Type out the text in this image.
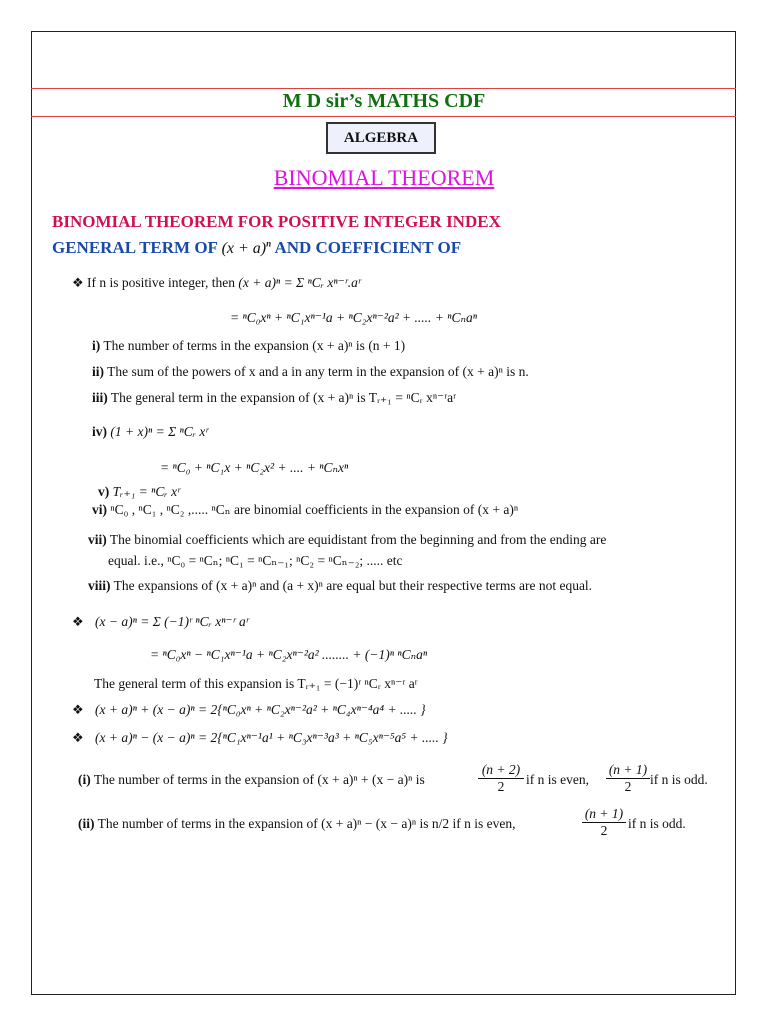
M D sir’s MATHS CDF
ALGEBRA
BINOMIAL THEOREM
BINOMIAL THEOREM FOR POSITIVE INTEGER INDEX
GENERAL TERM OF $(x + a)^n$ AND COEFFICIENT OF
❖ If n is positive integer, then (x + a)ⁿ = Σ ⁿCᵣ xⁿ⁻ʳ.aʳ
= ⁿC₀xⁿ + ⁿC₁xⁿ⁻¹a + ⁿC₂xⁿ⁻²a² + ..... + ⁿCₙaⁿ
i) The number of terms in the expansion (x + a)ⁿ is (n + 1)
ii) The sum of the powers of x and a in any term in the expansion of (x + a)ⁿ is n.
iii) The general term in the expansion of (x + a)ⁿ is Tᵣ₊₁ = ⁿCᵣ xⁿ⁻ʳaʳ
iv) (1 + x)ⁿ = Σ ⁿCᵣ xʳ
= ⁿC₀ + ⁿC₁x + ⁿC₂x² + .... + ⁿCₙxⁿ
v) Tᵣ₊₁ = ⁿCᵣ xʳ
vi) ⁿC₀ , ⁿC₁ , ⁿC₂ ,..... ⁿCₙ are binomial coefficients in the expansion of (x + a)ⁿ
vii) The binomial coefficients which are equidistant from the beginning and from the ending are
equal. i.e., ⁿC₀ = ⁿCₙ; ⁿC₁ = ⁿCₙ₋₁; ⁿC₂ = ⁿCₙ₋₂; ..... etc
viii) The expansions of (x + a)ⁿ and (a + x)ⁿ are equal but their respective terms are not equal.
❖ (x − a)ⁿ = Σ (−1)ʳ ⁿCᵣ xⁿ⁻ʳ aʳ
= ⁿC₀xⁿ − ⁿC₁xⁿ⁻¹a + ⁿC₂xⁿ⁻²a² ........ + (−1)ⁿ ⁿCₙaⁿ
The general term of this expansion is Tᵣ₊₁ = (−1)ʳ ⁿCᵣ xⁿ⁻ʳ aʳ
❖ (x + a)ⁿ + (x − a)ⁿ = 2{ⁿC₀xⁿ + ⁿC₂xⁿ⁻²a² + ⁿC₄xⁿ⁻⁴a⁴ + ..... }
❖ (x + a)ⁿ − (x − a)ⁿ = 2{ⁿC₁xⁿ⁻¹a¹ + ⁿC₃xⁿ⁻³a³ + ⁿC₅xⁿ⁻⁵a⁵ + ..... }
(i) The number of terms in the expansion of (x + a)ⁿ + (x − a)ⁿ is	$\frac{(n + 2)}{2}$ if n is even, $\frac{(n + 1)}{2}$ if n is odd.
(ii) The number of terms in the expansion of (x + a)ⁿ − (x − a)ⁿ is n/2 if n is even,	$\frac{(n + 1)}{2}$ if n is odd.
